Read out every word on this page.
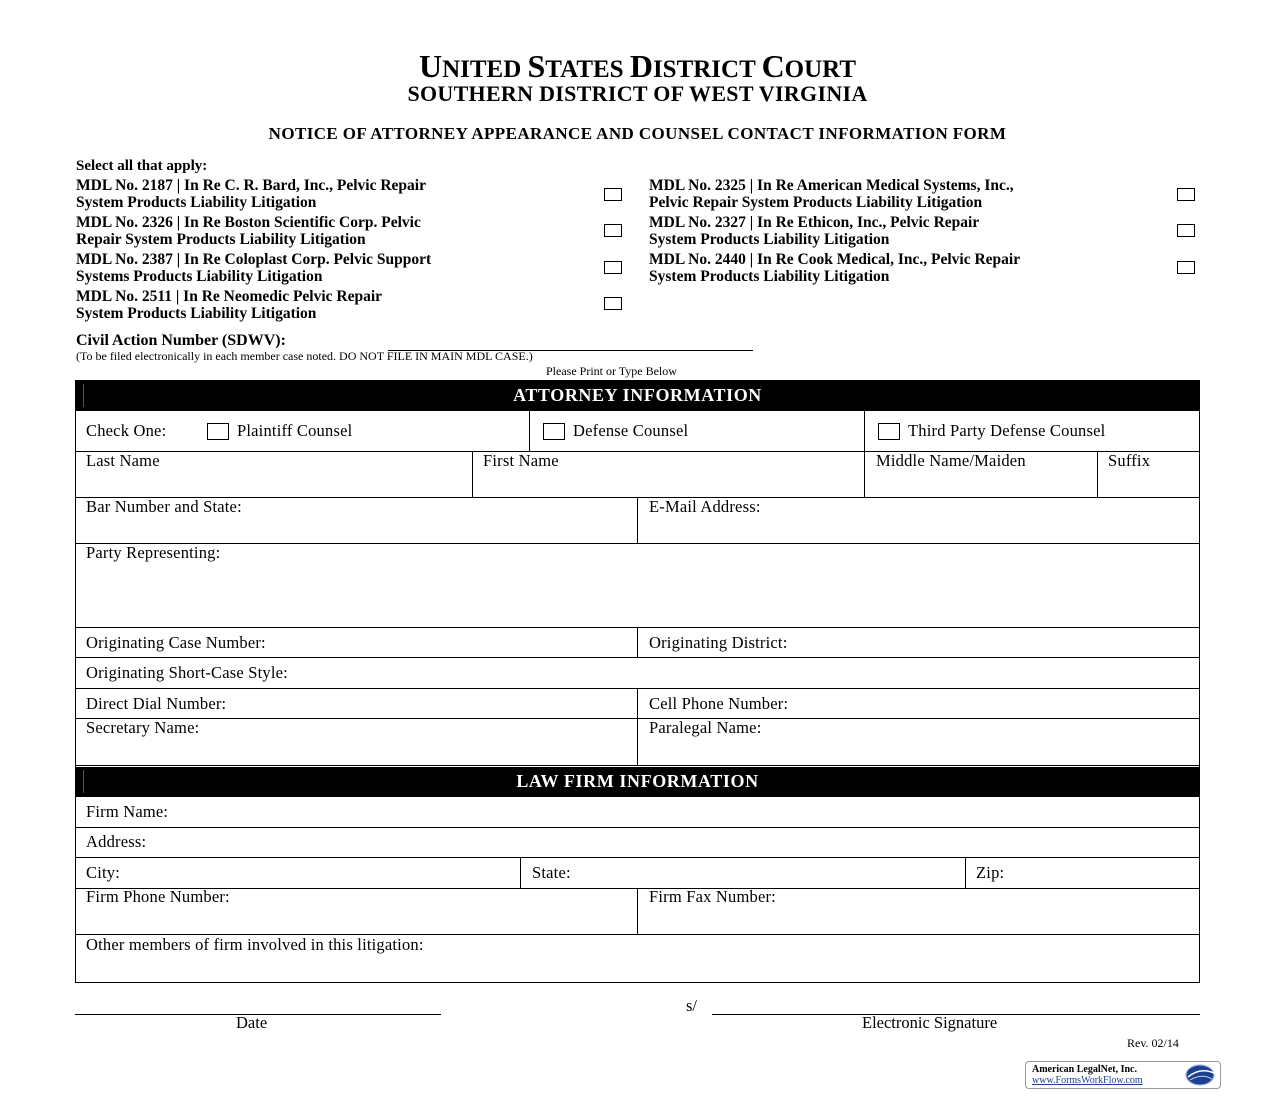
UNITED STATES DISTRICT COURT
SOUTHERN DISTRICT OF WEST VIRGINIA
NOTICE OF ATTORNEY APPEARANCE AND COUNSEL CONTACT INFORMATION FORM
Select all that apply:
MDL No. 2187 | In Re C. R. Bard, Inc., Pelvic Repair
System Products Liability Litigation
MDL No. 2326 | In Re Boston Scientific Corp. Pelvic
Repair System Products Liability Litigation
MDL No. 2387 | In Re Coloplast Corp. Pelvic Support
Systems Products Liability Litigation
MDL No. 2511 | In Re Neomedic Pelvic Repair
System Products Liability Litigation
MDL No. 2325 | In Re American Medical Systems, Inc.,
Pelvic Repair System Products Liability Litigation
MDL No. 2327 | In Re Ethicon, Inc., Pelvic Repair
System Products Liability Litigation
MDL No. 2440 | In Re Cook Medical, Inc., Pelvic Repair
System Products Liability Litigation
Civil Action Number (SDWV):
(To be filed electronically in each member case noted. DO NOT FILE IN MAIN MDL CASE.)
Please Print or Type Below
ATTORNEY INFORMATION
Check One:	Plaintiff Counsel	Defense Counsel	Third Party Defense Counsel
Last Name	First Name	Middle Name/Maiden	Suffix
Bar Number and State:	E-Mail Address:
Party Representing:
Originating Case Number:	Originating District:
Originating Short-Case Style:
Direct Dial Number:	Cell Phone Number:
Secretary Name:	Paralegal Name:
LAW FIRM INFORMATION
Firm Name:
Address:
City:	State:	Zip:
Firm Phone Number:	Firm Fax Number:
Other members of firm involved in this litigation:
s/
Date	Electronic Signature
Rev. 02/14
American LegalNet, Inc.
www.FormsWorkFlow.com
